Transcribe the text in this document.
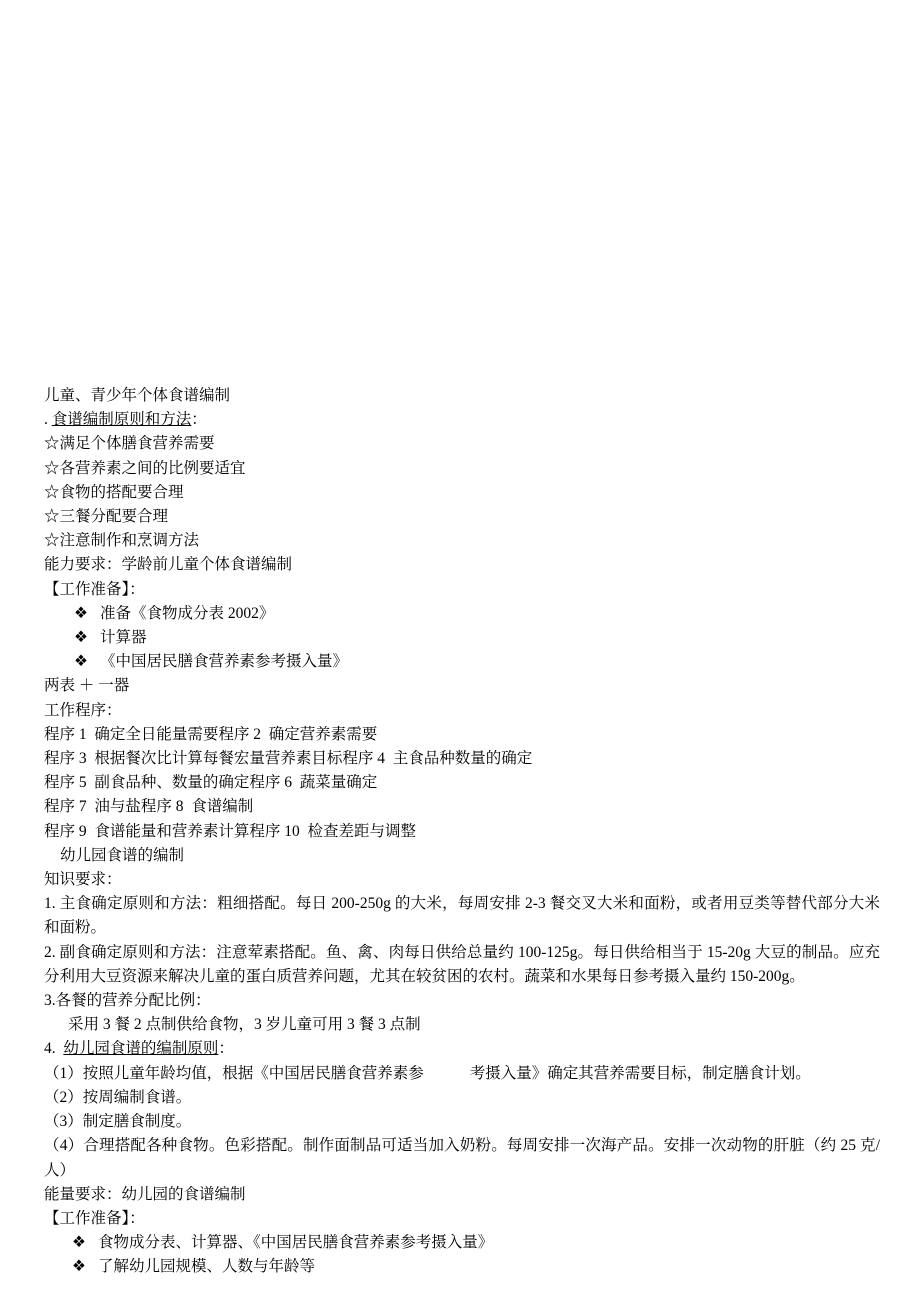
儿童、青少年个体食谱编制
. 食谱编制原则和方法：
☆满足个体膳食营养需要
☆各营养素之间的比例要适宜
☆食物的搭配要合理
☆三餐分配要合理
☆注意制作和烹调方法
能力要求：学龄前儿童个体食谱编制
【工作准备】：
❖ 准备《食物成分表 2002》
❖ 计算器
❖ 《中国居民膳食营养素参考摄入量》
两表 ＋ 一器
工作程序：
程序 1  确定全日能量需要程序 2  确定营养素需要
程序 3  根据餐次比计算每餐宏量营养素目标程序 4  主食品种数量的确定
程序 5  副食品种、数量的确定程序 6  蔬菜量确定
程序 7  油与盐程序 8  食谱编制
程序 9  食谱能量和营养素计算程序 10  检查差距与调整
幼儿园食谱的编制
知识要求：
1. 主食确定原则和方法：粗细搭配。每日 200-250g 的大米，每周安排 2-3 餐交叉大米和面粉，或者用豆类等替代部分大米和面粉。
2. 副食确定原则和方法：注意荤素搭配。鱼、禽、肉每日供给总量约 100-125g。每日供给相当于 15-20g 大豆的制品。应充分利用大豆资源来解决儿童的蛋白质营养问题，尤其在较贫困的农村。蔬菜和水果每日参考摄入量约 150-200g。
3.各餐的营养分配比例：
采用 3 餐 2 点制供给食物，3 岁儿童可用 3 餐 3 点制
4.  幼儿园食谱的编制原则：
（1）按照儿童年龄均值，根据《中国居民膳食营养素参	考摄入量》确定其营养需要目标，制定膳食计划。
（2）按周编制食谱。
（3）制定膳食制度。
（4）合理搭配各种食物。色彩搭配。制作面制品可适当加入奶粉。每周安排一次海产品。安排一次动物的肝脏（约 25 克/人）
能量要求：幼儿园的食谱编制
【工作准备】：
❖ 食物成分表、计算器、《中国居民膳食营养素参考摄入量》
❖ 了解幼儿园规模、人数与年龄等
